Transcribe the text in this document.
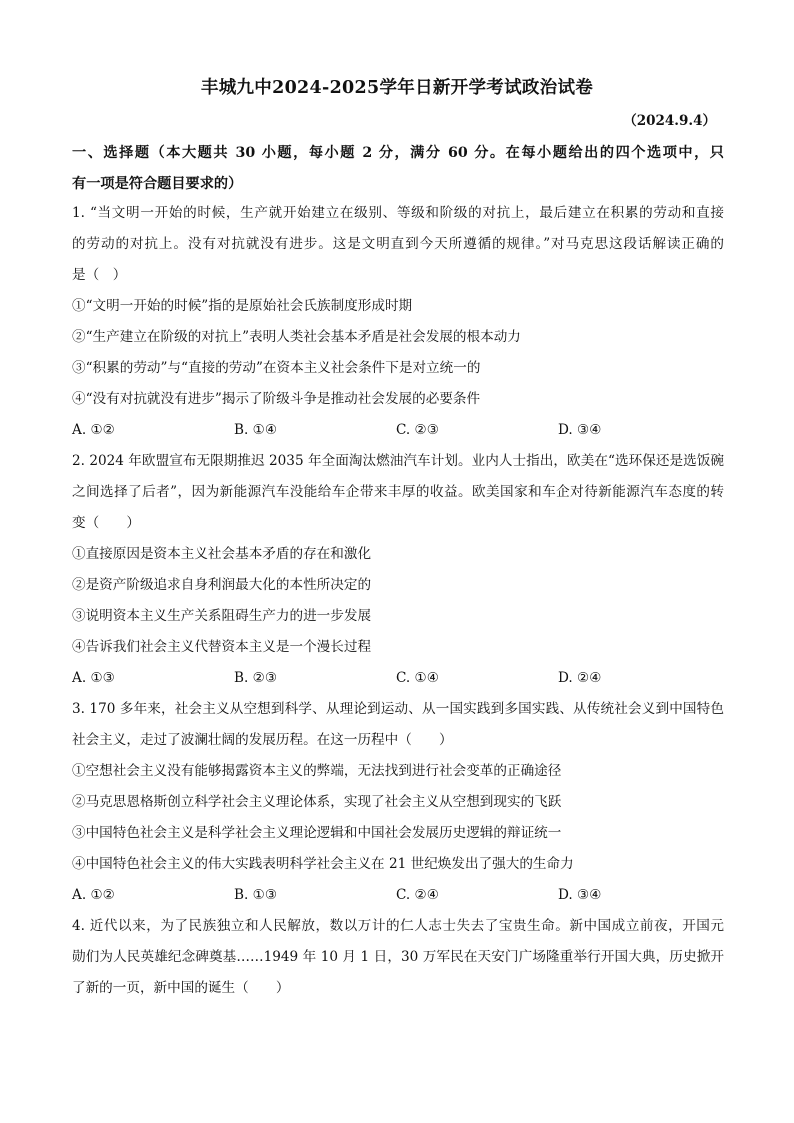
丰城九中2024-2025学年日新开学考试政治试卷
（2024.9.4）
一、选择题（本大题共 30 小题，每小题 2 分，满分 60 分。在每小题给出的四个选项中，只
有一项是符合题目要求的）
1. “当文明一开始的时候，生产就开始建立在级别、等级和阶级的对抗上，最后建立在积累的劳动和直接
的劳动的对抗上。没有对抗就没有进步。这是文明直到今天所遵循的规律。”对马克思这段话解读正确的
是（　）
①“文明一开始的时候”指的是原始社会氏族制度形成时期
②“生产建立在阶级的对抗上”表明人类社会基本矛盾是社会发展的根本动力
③“积累的劳动”与“直接的劳动”在资本主义社会条件下是对立统一的
④“没有对抗就没有进步”揭示了阶级斗争是推动社会发展的必要条件
A. ①②	B. ①④	C. ②③	D. ③④
2. 2024 年欧盟宣布无限期推迟 2035 年全面淘汰燃油汽车计划。业内人士指出，欧美在“选环保还是选饭碗
之间选择了后者”，因为新能源汽车没能给车企带来丰厚的收益。欧美国家和车企对待新能源汽车态度的转
变（　　）
①直接原因是资本主义社会基本矛盾的存在和激化
②是资产阶级追求自身利润最大化的本性所决定的
③说明资本主义生产关系阻碍生产力的进一步发展
④告诉我们社会主义代替资本主义是一个漫长过程
A. ①③	B. ②③	C. ①④	D. ②④
3. 170 多年来，社会主义从空想到科学、从理论到运动、从一国实践到多国实践、从传统社会义到中国特色
社会主义，走过了波澜壮阔的发展历程。在这一历程中（　　）
①空想社会主义没有能够揭露资本主义的弊端，无法找到进行社会变革的正确途径
②马克思恩格斯创立科学社会主义理论体系，实现了社会主义从空想到现实的飞跃
③中国特色社会主义是科学社会主义理论逻辑和中国社会发展历史逻辑的辩证统一
④中国特色社会主义的伟大实践表明科学社会主义在 21 世纪焕发出了强大的生命力
A. ①②	B. ①③	C. ②④	D. ③④
4. 近代以来，为了民族独立和人民解放，数以万计的仁人志士失去了宝贵生命。新中国成立前夜，开国元
勋们为人民英雄纪念碑奠基……1949 年 10 月 1 日，30 万军民在天安门广场隆重举行开国大典，历史掀开
了新的一页，新中国的诞生（　　）
